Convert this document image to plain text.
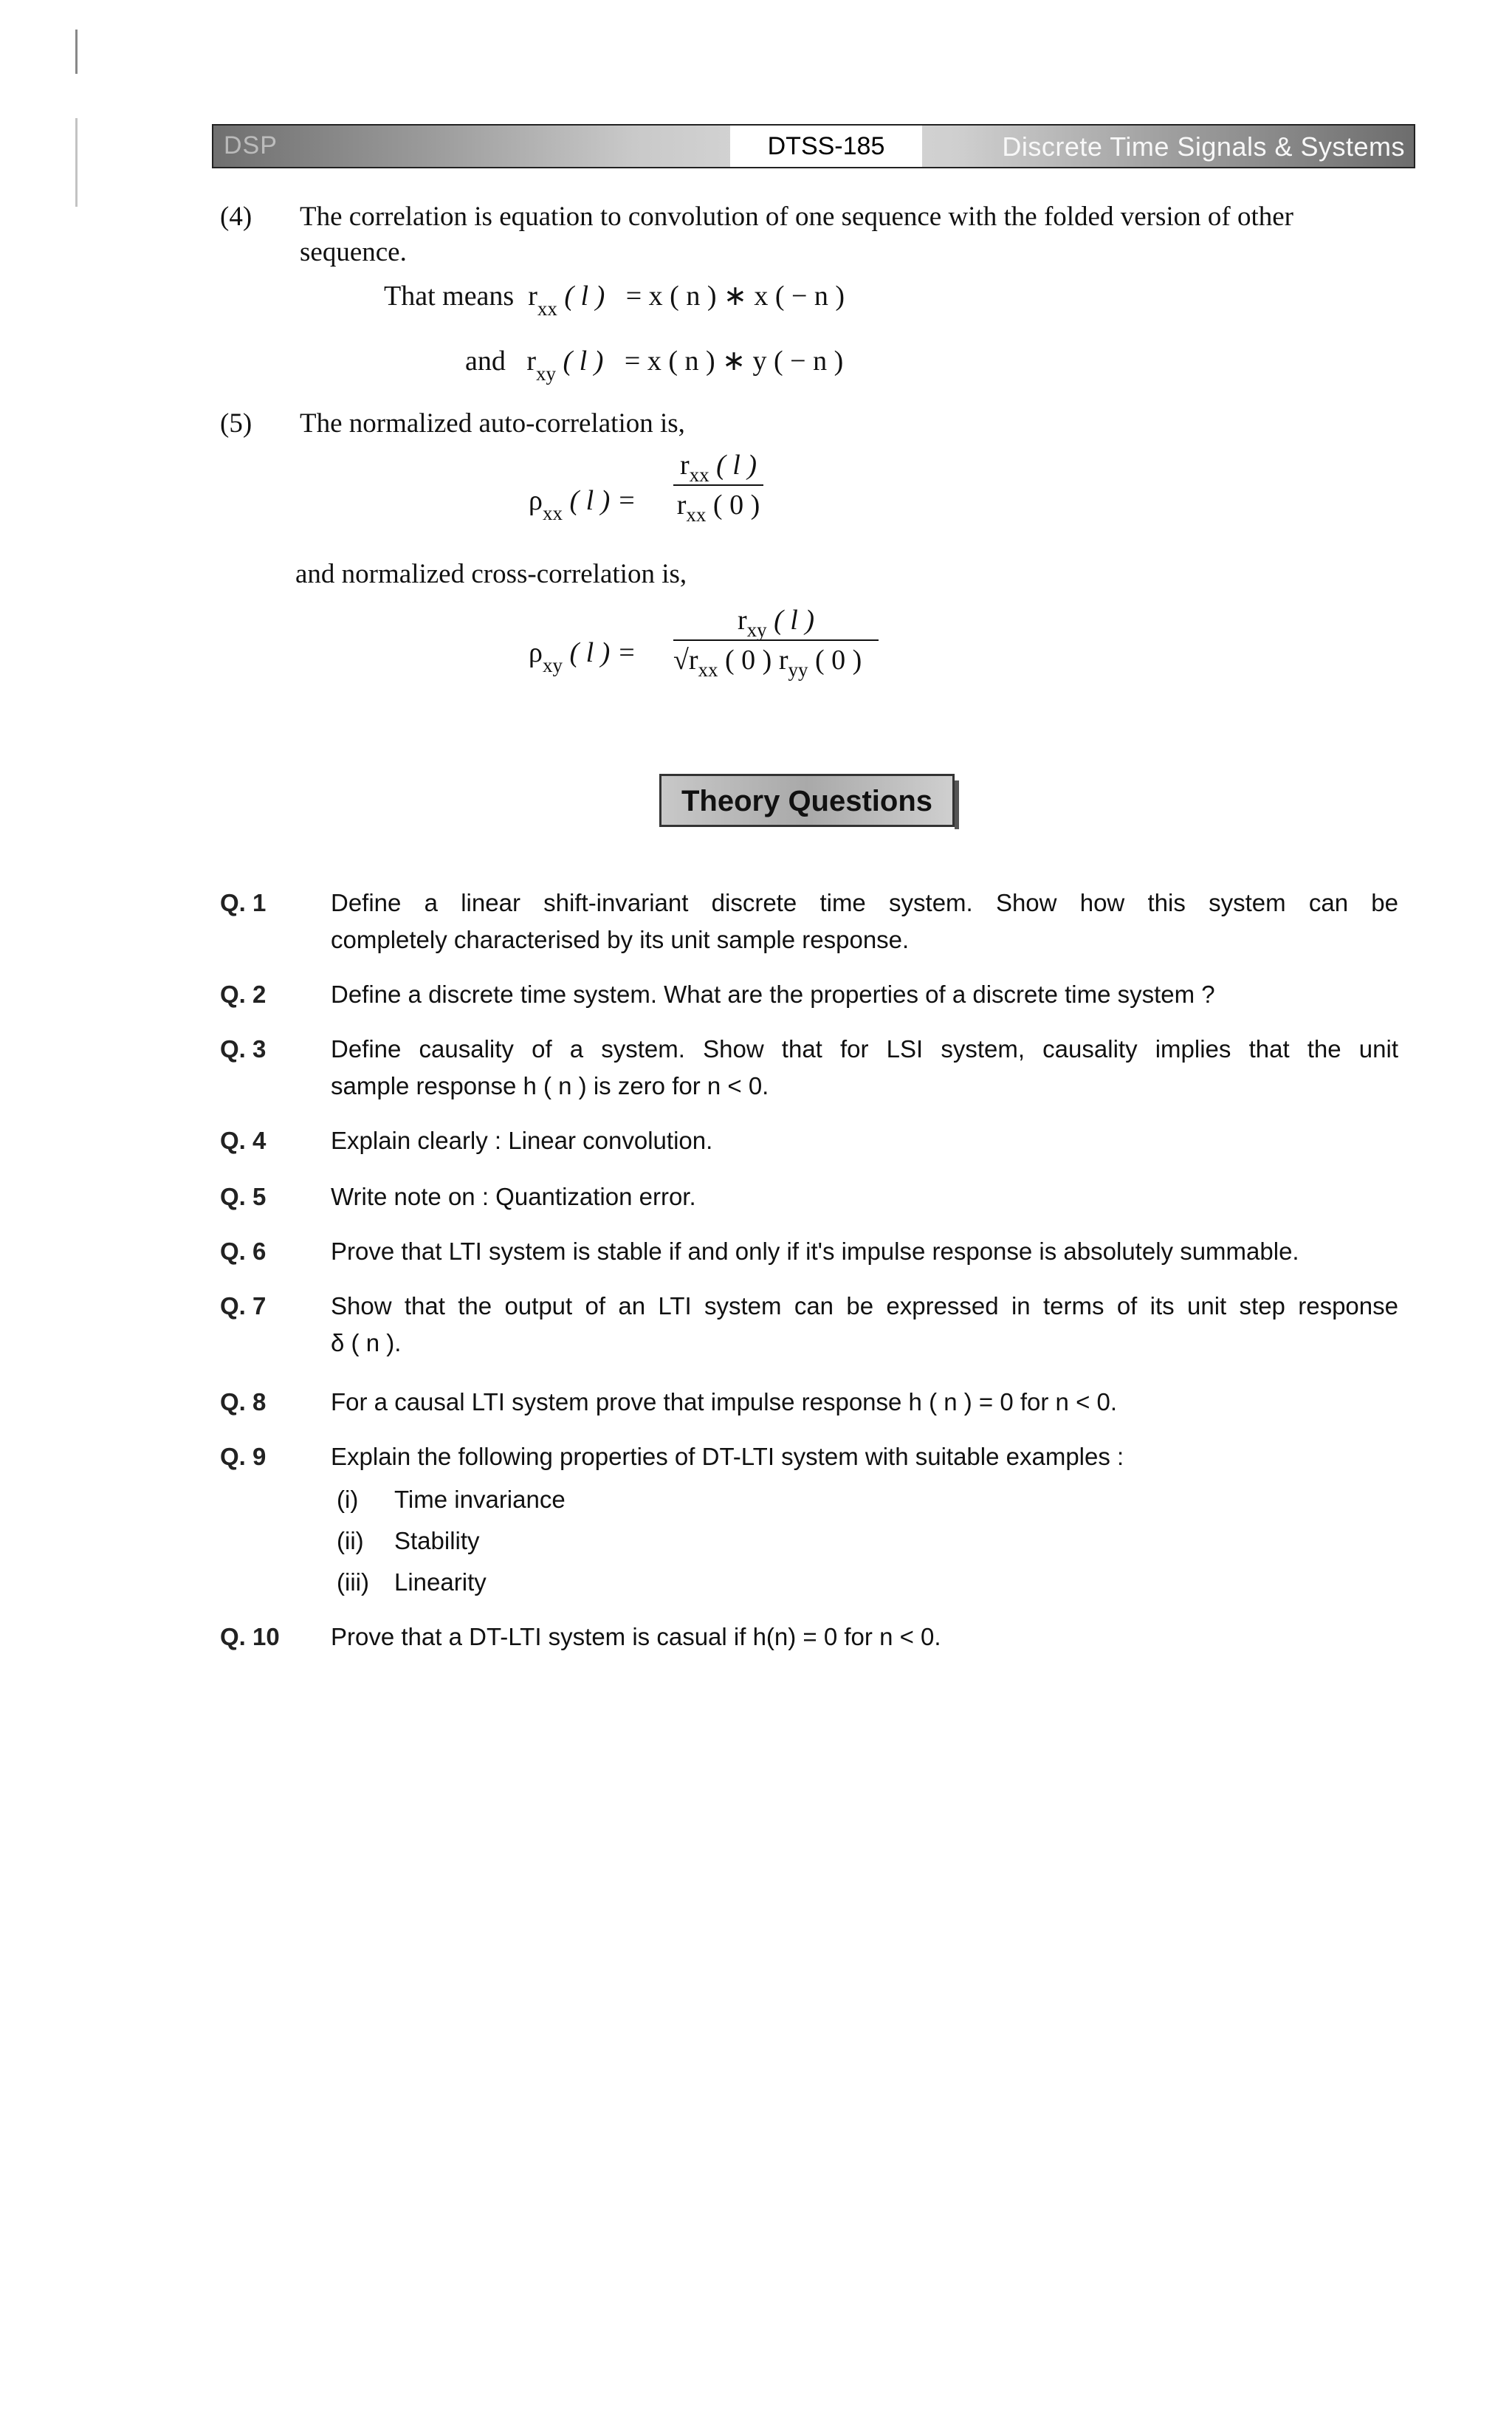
DSP	DTSS-185	Discrete Time Signals & Systems
(4) The correlation is equation to convolution of one sequence with the folded version of other
sequence.
That means $r_{xx}$ ( l ) = x ( n ) ∗ x ( − n )
and $r_{xy}$ ( l ) = x ( n ) ∗ y ( − n )
(5) The normalized auto-correlation is,
$\rho_{xx}$ ( l ) =
$r_{xx}$ ( l )
$r_{xx}$ ( 0 )
and normalized cross-correlation is,
$\rho_{xy}$ ( l ) =
$r_{xy}$ ( l )
$√r_{xx}$ ( 0 ) $r_{yy}$ ( 0 )
Theory Questions
Q. 1	Define a linear shift-invariant discrete time system. Show how this system can be
completely characterised by its unit sample response.
Q. 2	Define a discrete time system. What are the properties of a discrete time system ?
Q. 3	Define causality of a system. Show that for LSI system, causality implies that the unit
sample response h ( n ) is zero for n < 0.
Q. 4	Explain clearly : Linear convolution.
Q. 5	Write note on : Quantization error.
Q. 6	Prove that LTI system is stable if and only if it's impulse response is absolutely summable.
Q. 7	Show that the output of an LTI system can be expressed in terms of its unit step response
δ ( n ).
Q. 8	For a causal LTI system prove that impulse response h ( n ) = 0 for n < 0.
Q. 9	Explain the following properties of DT-LTI system with suitable examples :
(i) Time invariance
(ii) Stability
(iii) Linearity
Q. 10 Prove that a DT-LTI system is casual if h(n) = 0 for n < 0.
